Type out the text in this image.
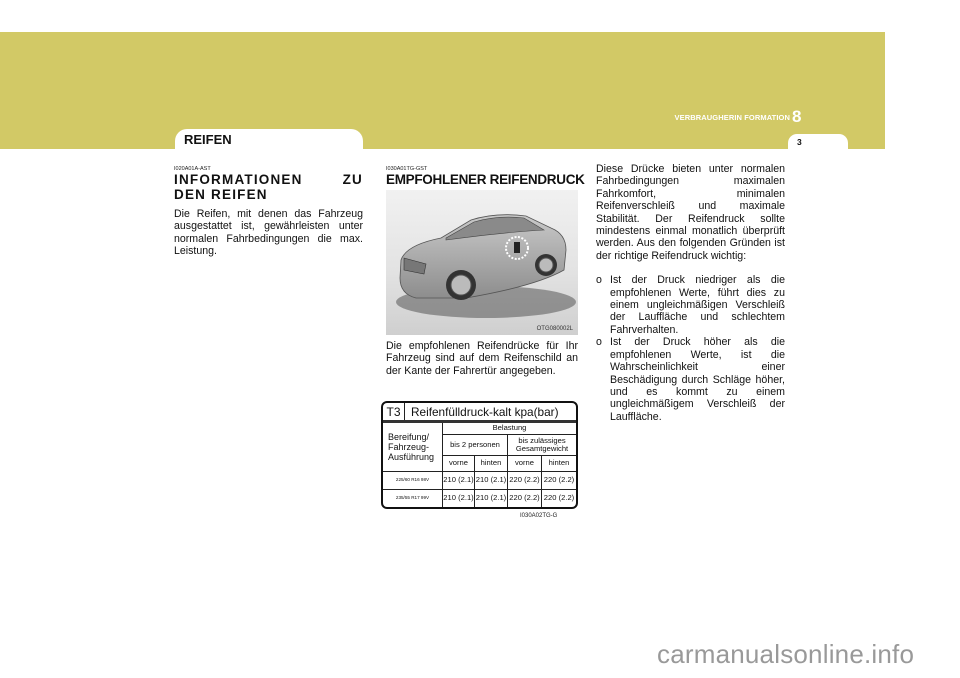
VERBRAUGHERIN FORMATION 8
3
REIFEN
I020A01A-AST
INFORMATIONEN ZU DEN REIFEN

Die Reifen, mit denen das Fahrzeug ausgestattet ist, gewährleisten unter normalen Fahrbedingungen die max. Leistung.

I030A01TG-GST
EMPFOHLENER REIFENDRUCK
OTG080002L

Die empfohlenen Reifendrücke für Ihr Fahrzeug sind auf dem Reifenschild an der Kante der Fahrertür angegeben.

T3 Reifenfülldruck-kalt kpa(bar)
Bereifung/ Fahrzeug- Ausführung
Belastung
bis 2 personen	bis zulässiges Gesamtgewicht
vorne	hinten	vorne	hinten
225/60 R16 98V	210 (2.1) 210 (2.1) 220 (2.2) 220 (2.2)
235/55 R17 99V	210 (2.1) 210 (2.1) 220 (2.2) 220 (2.2)
I030A02TG-G

Diese Drücke bieten unter normalen Fahrbedingungen maximalen Fahrkomfort, minimalen Reifenverschleiß und maximale Stabilität. Der Reifendruck sollte mindestens einmal monatlich überprüft werden. Aus den folgenden Gründen ist der richtige Reifendruck wichtig:

o Ist der Druck niedriger als die empfohlenen Werte, führt dies zu einem ungleichmäßigen Verschleiß der Lauffläche und schlechtem Fahrverhalten.
o Ist der Druck höher als die empfohlenen Werte, ist die Wahrscheinlichkeit einer Beschädigung durch Schläge höher, und es kommt zu einem ungleichmäßigem Verschleiß der Lauffläche.
carmanualsonline.info
